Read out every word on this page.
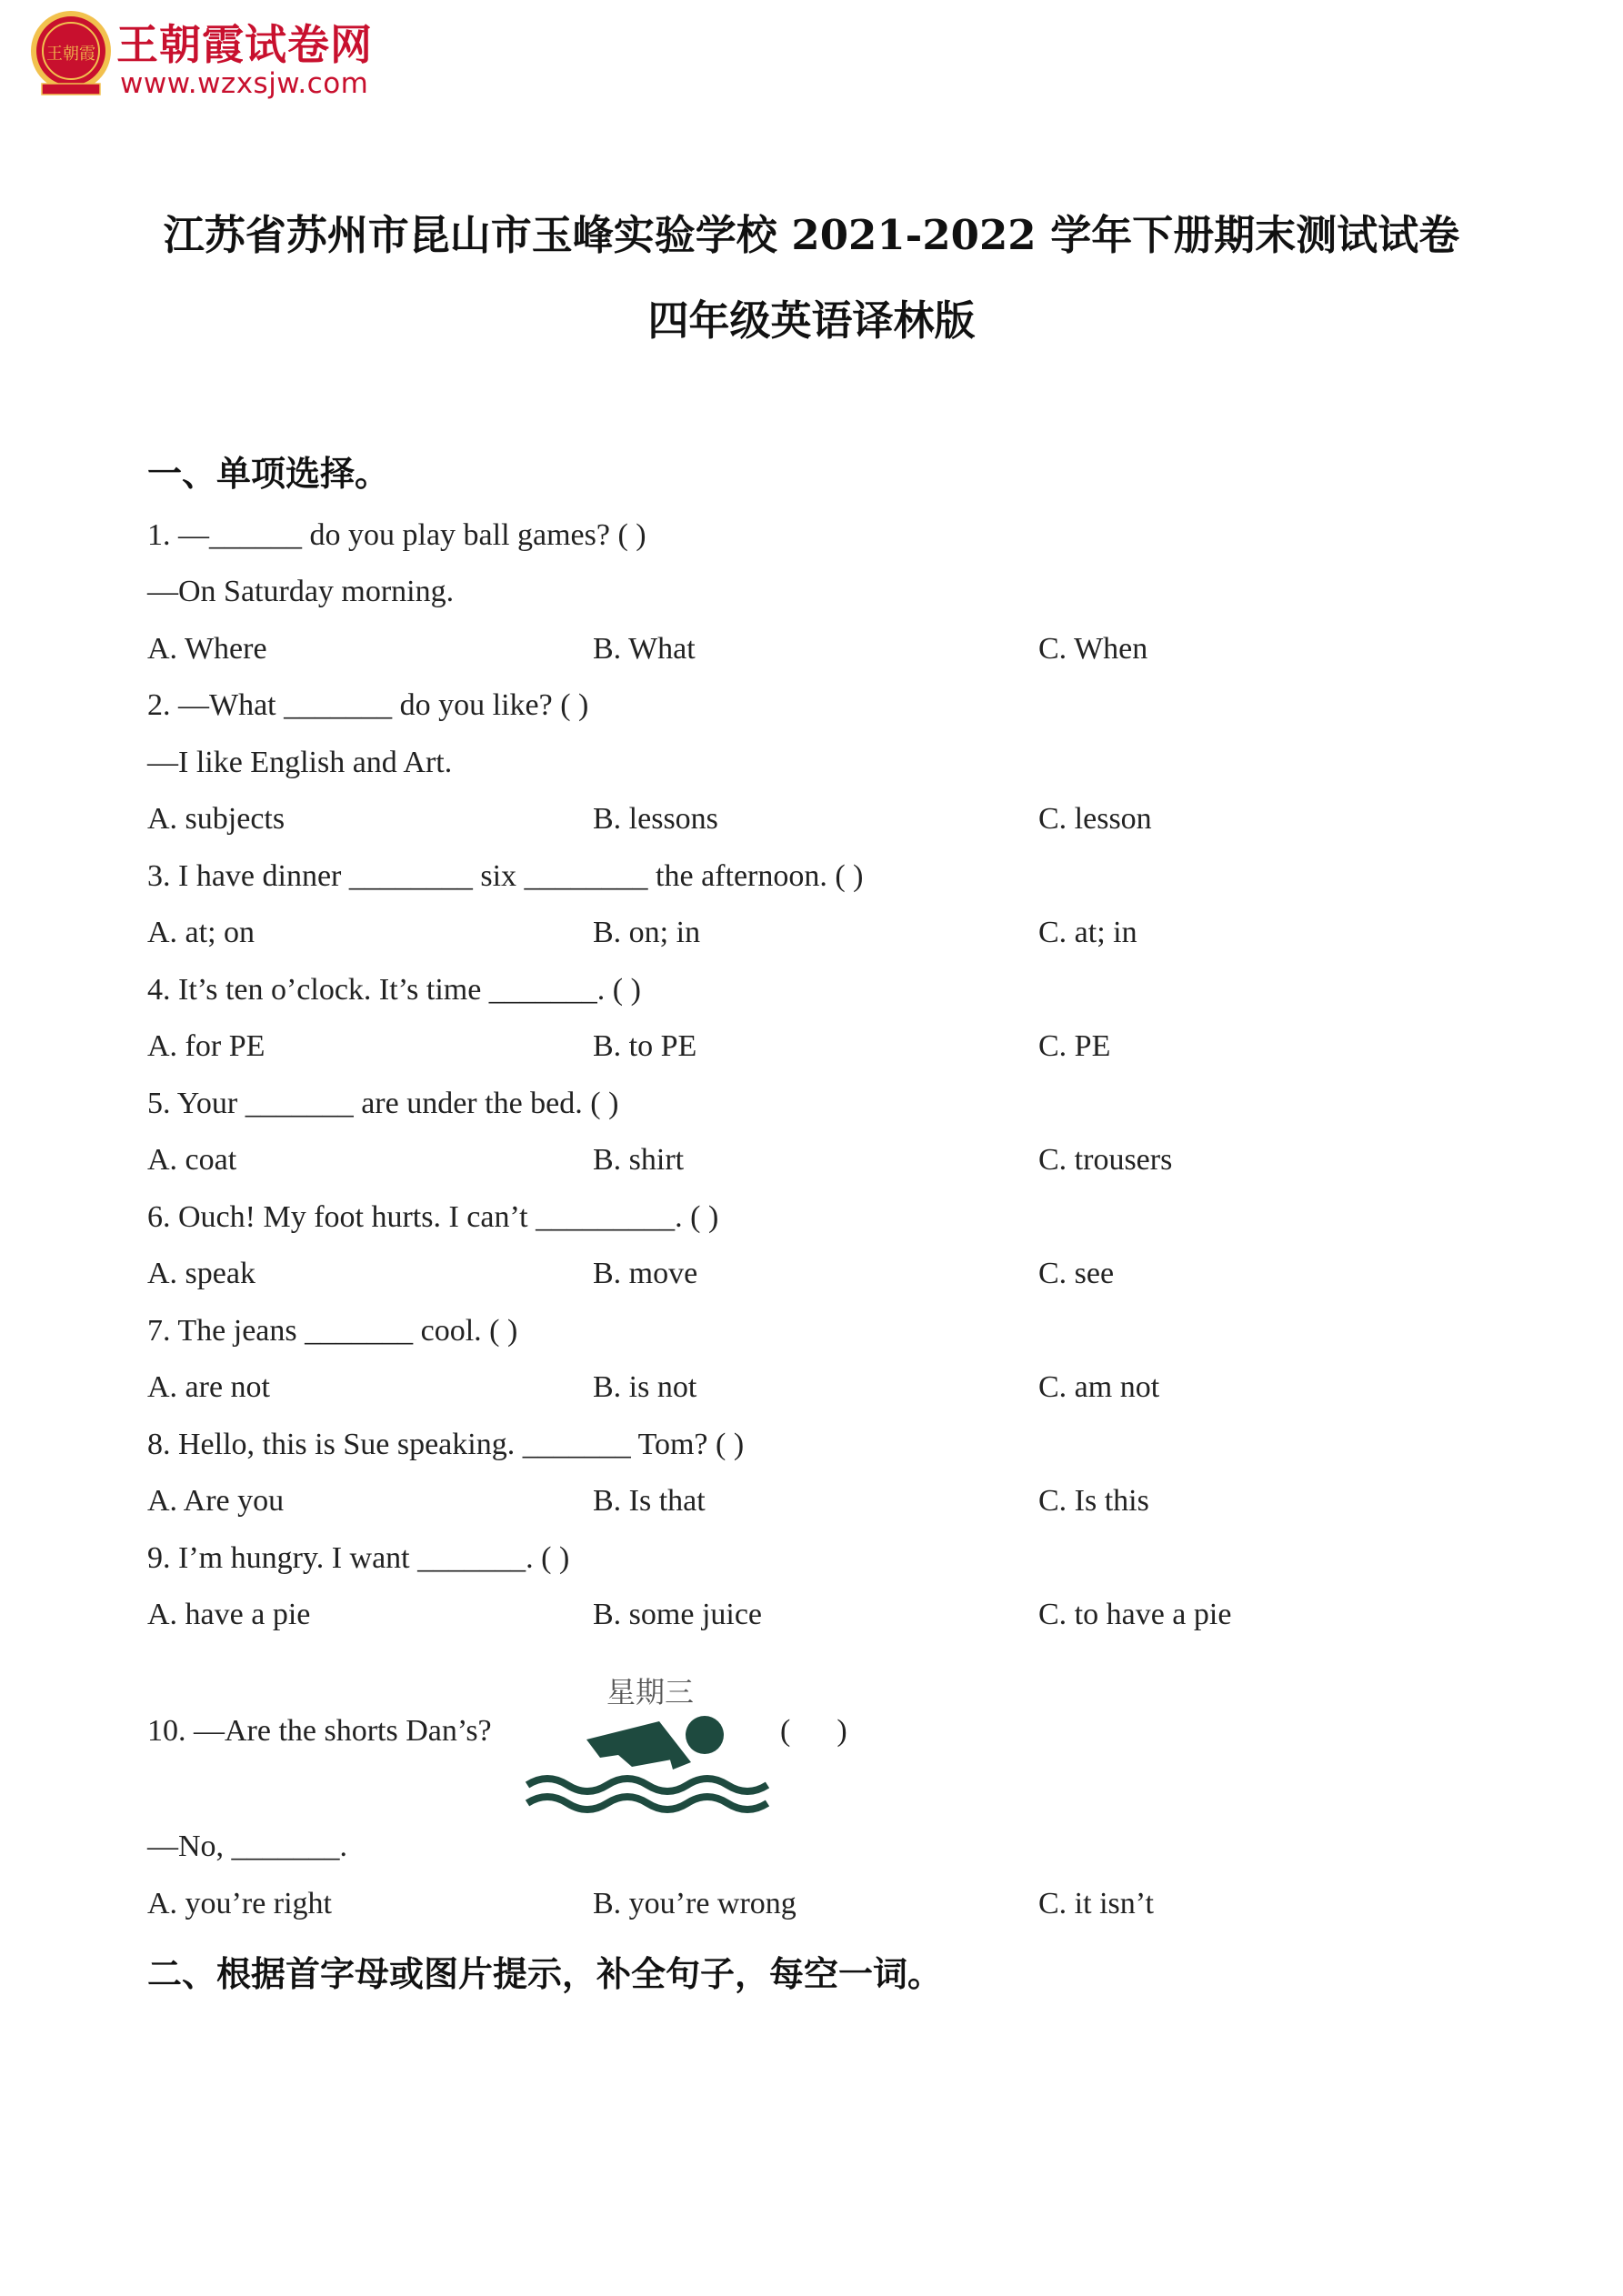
王朝霞 王朝霞试卷网
www.wzxsjw.com
江苏省苏州市昆山市玉峰实验学校 2021-2022 学年下册期末测试试卷
四年级英语译林版
一、单项选择。
1. —______ do you play ball games? ( )
—On Saturday morning.
A. Where	B. What	C. When
2. —What _______ do you like? ( )
—I like English and Art.
A. subjects	B. lessons	C. lesson
3. I have dinner ________ six ________ the afternoon. ( )
A. at; on	B. on; in	C. at; in
4. It’s ten o’clock. It’s time _______. ( )
A. for PE	B. to PE	C. PE
5. Your _______ are under the bed. ( )
A. coat	B. shirt	C. trousers
6. Ouch! My foot hurts. I can’t _________. ( )
A. speak	B. move	C. see
7. The jeans _______ cool. ( )
A. are not	B. is not	C. am not
8. Hello, this is Sue speaking. _______ Tom? ( )
A. Are you	B. Is that	C. Is this
9. I’m hungry. I want _______. ( )
A. have a pie	B. some juice	C. to have a pie
10. —Are the shorts Dan’s?
星期三
(      )
—No, _______.
A. you’re right	B. you’re wrong	C. it isn’t
二、根据首字母或图片提示，补全句子，每空一词。
